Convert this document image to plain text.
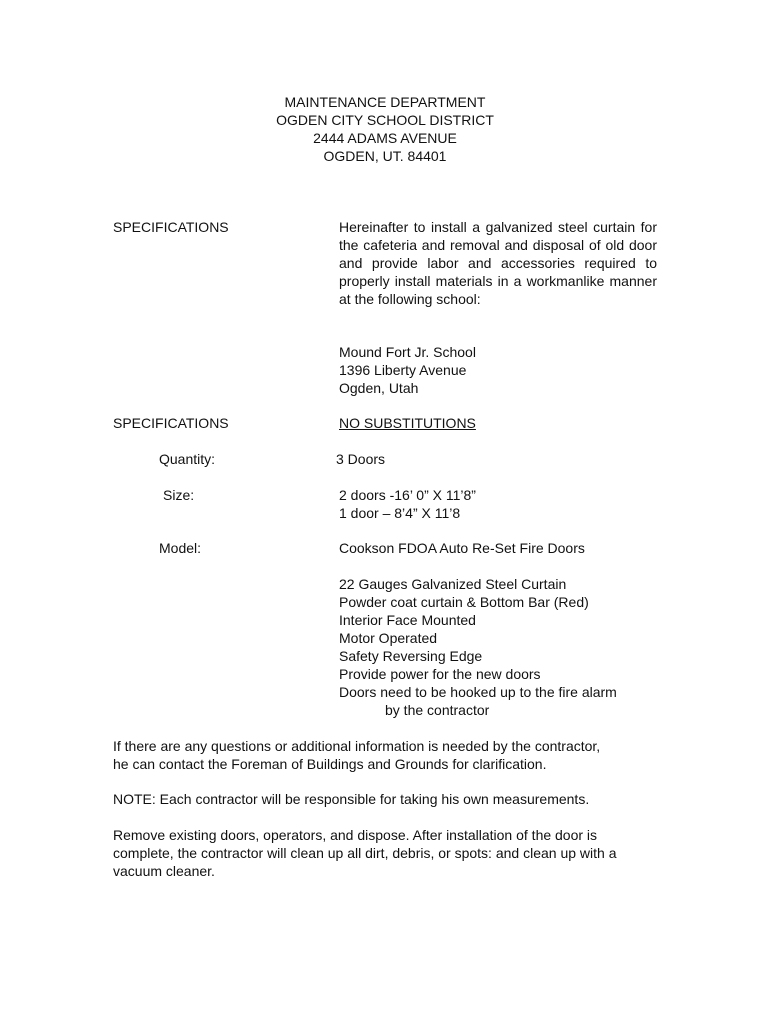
MAINTENANCE DEPARTMENT
OGDEN CITY SCHOOL DISTRICT
2444 ADAMS AVENUE
OGDEN, UT. 84401
SPECIFICATIONS	Hereinafter to install a galvanized steel curtain for the cafeteria and removal and disposal of old door and provide labor and accessories required to properly install materials in a workmanlike manner at the following school:
Mound Fort Jr. School
1396 Liberty Avenue
Ogden, Utah
SPECIFICATIONS	NO SUBSTITUTIONS
Quantity:	3 Doors
Size:	2 doors -16’ 0” X 11’8”
1 door – 8’4” X 11’8
Model:	Cookson FDOA Auto Re-Set Fire Doors
22 Gauges Galvanized Steel Curtain
Powder coat curtain & Bottom Bar (Red)
Interior Face Mounted
Motor Operated
Safety Reversing Edge
Provide power for the new doors
Doors need to be hooked up to the fire alarm
by the contractor
If there are any questions or additional information is needed by the contractor,
he can contact the Foreman of Buildings and Grounds for clarification.
NOTE: Each contractor will be responsible for taking his own measurements.
Remove existing doors, operators, and dispose. After installation of the door is
complete, the contractor will clean up all dirt, debris, or spots: and clean up with a
vacuum cleaner.
